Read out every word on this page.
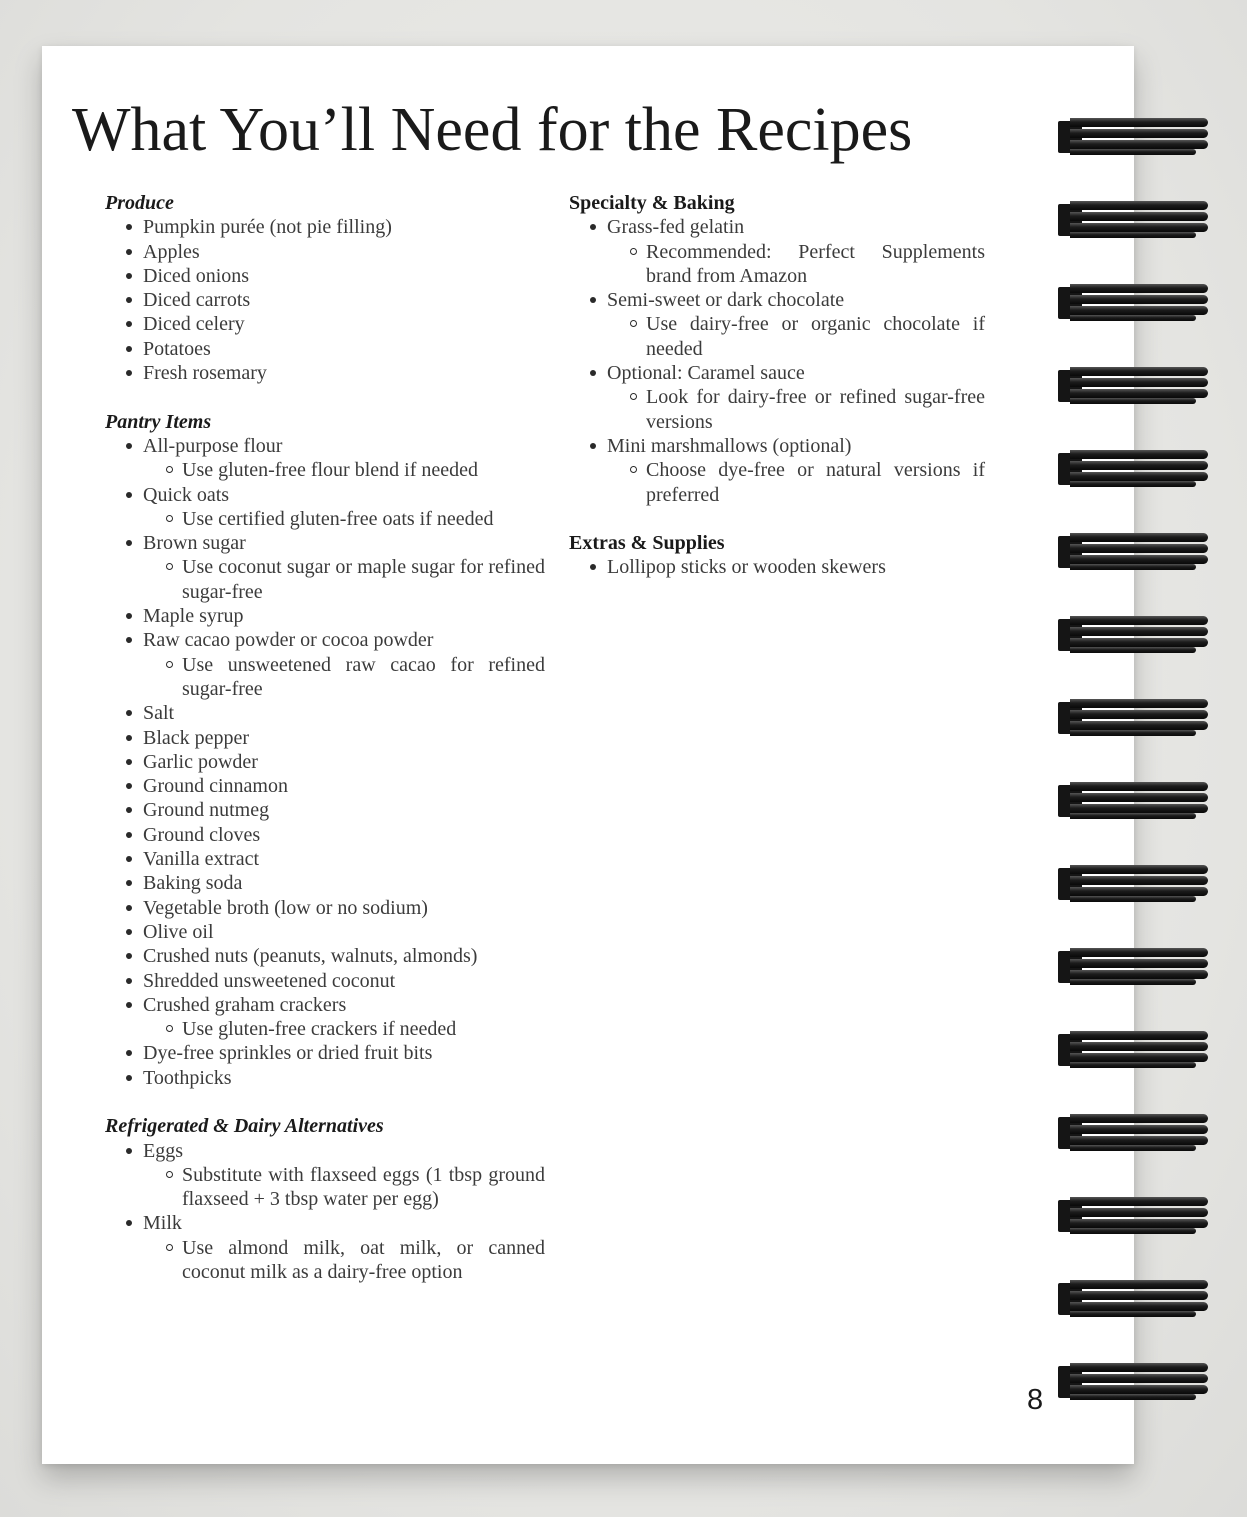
What You’ll Need for the Recipes
Produce
Pumpkin purée (not pie filling)
Apples
Diced onions
Diced carrots
Diced celery
Potatoes
Fresh rosemary
Pantry Items
All-purpose flour
Use gluten-free flour blend if needed
Quick oats
Use certified gluten-free oats if needed
Brown sugar
Use coconut sugar or maple sugar for refined sugar-free
Maple syrup
Raw cacao powder or cocoa powder
Use unsweetened raw cacao for refined sugar-free
Salt
Black pepper
Garlic powder
Ground cinnamon
Ground nutmeg
Ground cloves
Vanilla extract
Baking soda
Vegetable broth (low or no sodium)
Olive oil
Crushed nuts (peanuts, walnuts, almonds)
Shredded unsweetened coconut
Crushed graham crackers
Use gluten-free crackers if needed
Dye-free sprinkles or dried fruit bits
Toothpicks
Refrigerated & Dairy Alternatives
Eggs
Substitute with flaxseed eggs (1 tbsp ground flaxseed + 3 tbsp water per egg)
Milk
Use almond milk, oat milk, or canned coconut milk as a dairy-free option
Specialty & Baking
Grass-fed gelatin
Recommended: Perfect Supplements brand from Amazon
Semi-sweet or dark chocolate
Use dairy-free or organic chocolate if needed
Optional: Caramel sauce
Look for dairy-free or refined sugar-free versions
Mini marshmallows (optional)
Choose dye-free or natural versions if preferred
Extras & Supplies
Lollipop sticks or wooden skewers
8
